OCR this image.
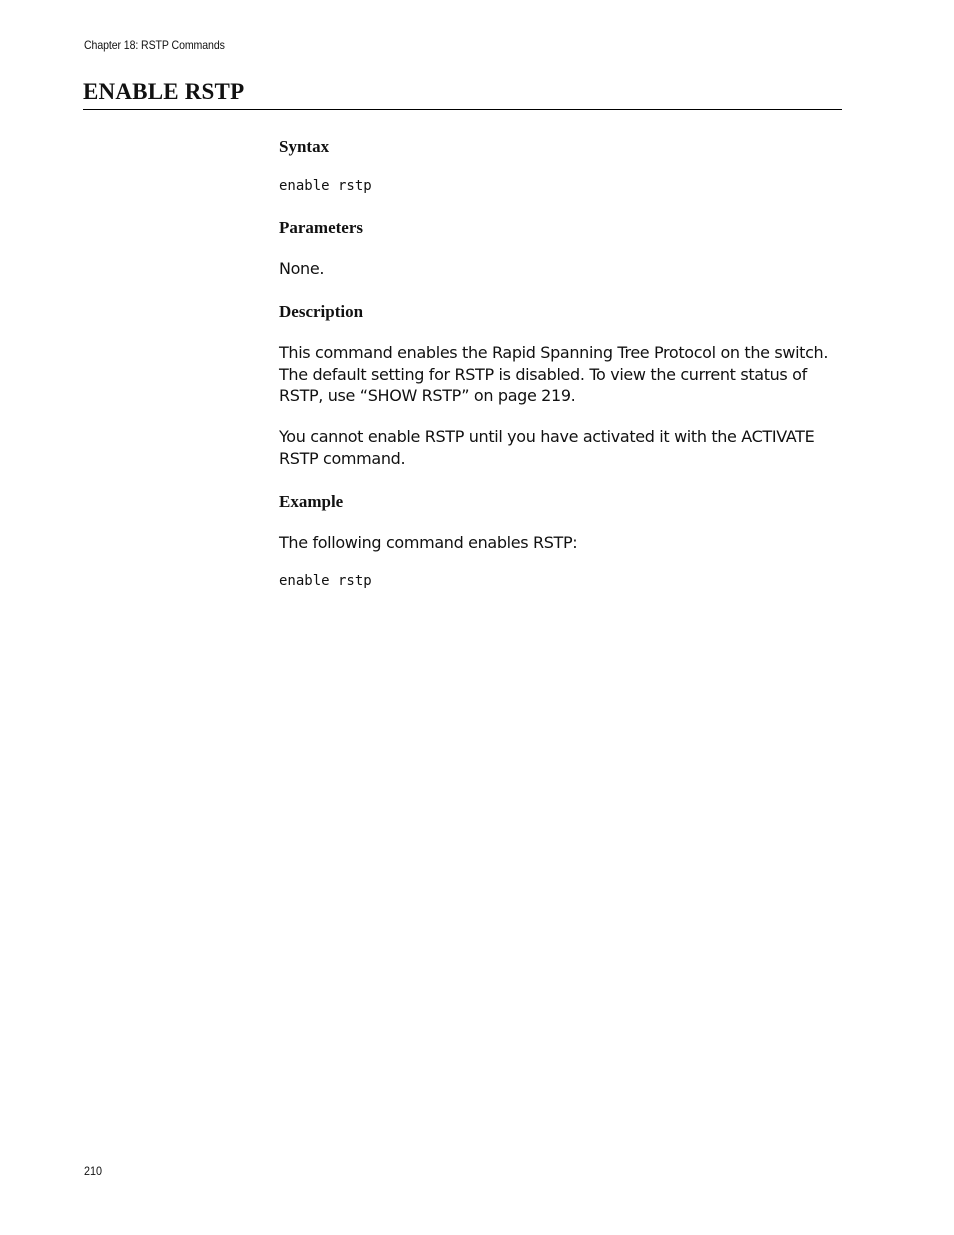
Chapter 18: RSTP Commands
ENABLE RSTP
Syntax
enable rstp
Parameters

None.

Description

This command enables the Rapid Spanning Tree Protocol on the switch. The default setting for RSTP is disabled. To view the current status of RSTP, use “SHOW RSTP” on page 219.

You cannot enable RSTP until you have activated it with the ACTIVATE RSTP command.

Example

The following command enables RSTP:

enable rstp
210
